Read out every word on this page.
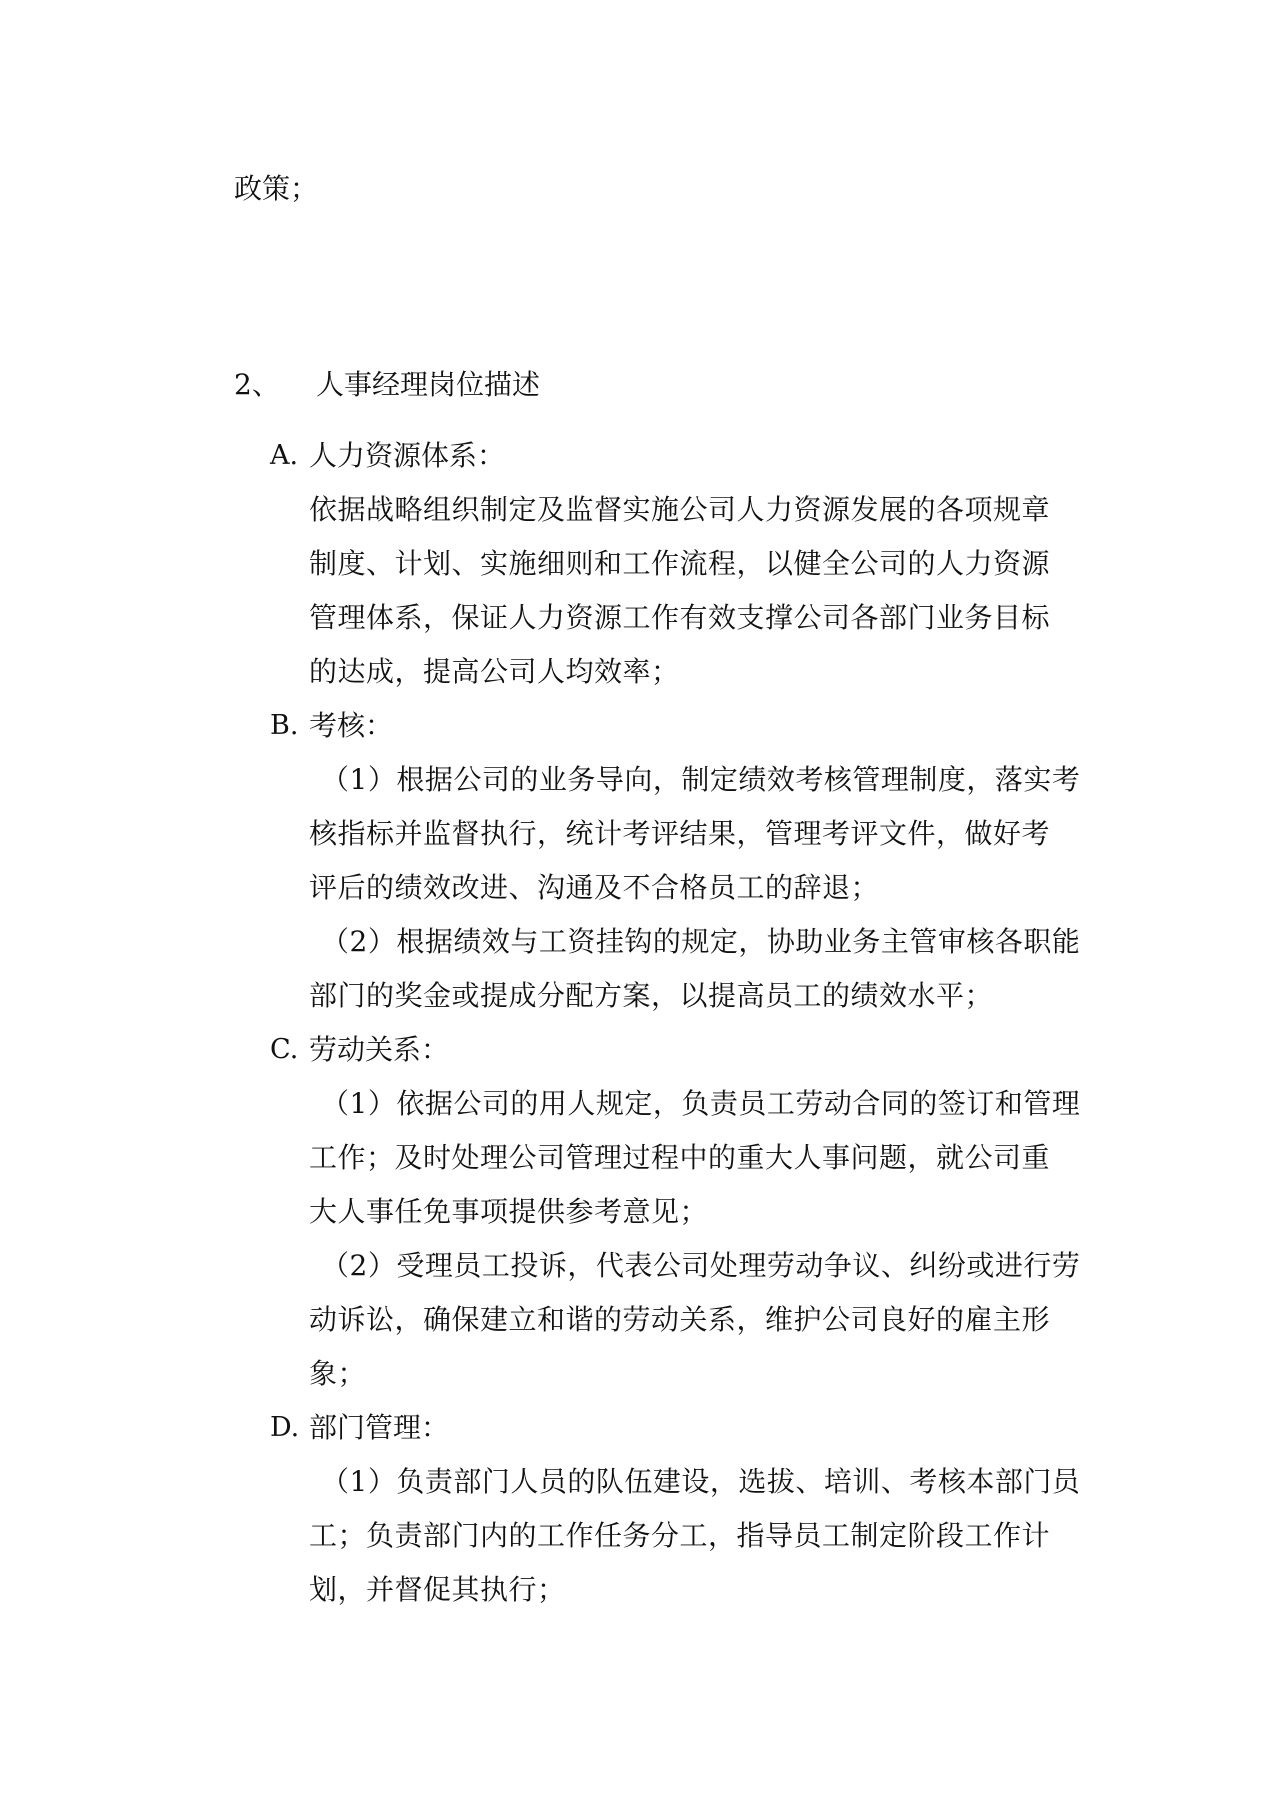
政策；
2、 人事经理岗位描述
A. 人力资源体系：
依据战略组织制定及监督实施公司人力资源发展的各项规章
制度、计划、实施细则和工作流程，以健全公司的人力资源
管理体系，保证人力资源工作有效支撑公司各部门业务目标
的达成，提高公司人均效率；
B. 考核：
（1）根据公司的业务导向，制定绩效考核管理制度，落实考
核指标并监督执行，统计考评结果，管理考评文件，做好考
评后的绩效改进、沟通及不合格员工的辞退；
（2）根据绩效与工资挂钩的规定，协助业务主管审核各职能
部门的奖金或提成分配方案，以提高员工的绩效水平；
C. 劳动关系：
（1）依据公司的用人规定，负责员工劳动合同的签订和管理
工作；及时处理公司管理过程中的重大人事问题，就公司重
大人事任免事项提供参考意见；
（2）受理员工投诉，代表公司处理劳动争议、纠纷或进行劳
动诉讼，确保建立和谐的劳动关系，维护公司良好的雇主形
象；
D. 部门管理：
（1）负责部门人员的队伍建设，选拔、培训、考核本部门员
工；负责部门内的工作任务分工，指导员工制定阶段工作计
划，并督促其执行；
